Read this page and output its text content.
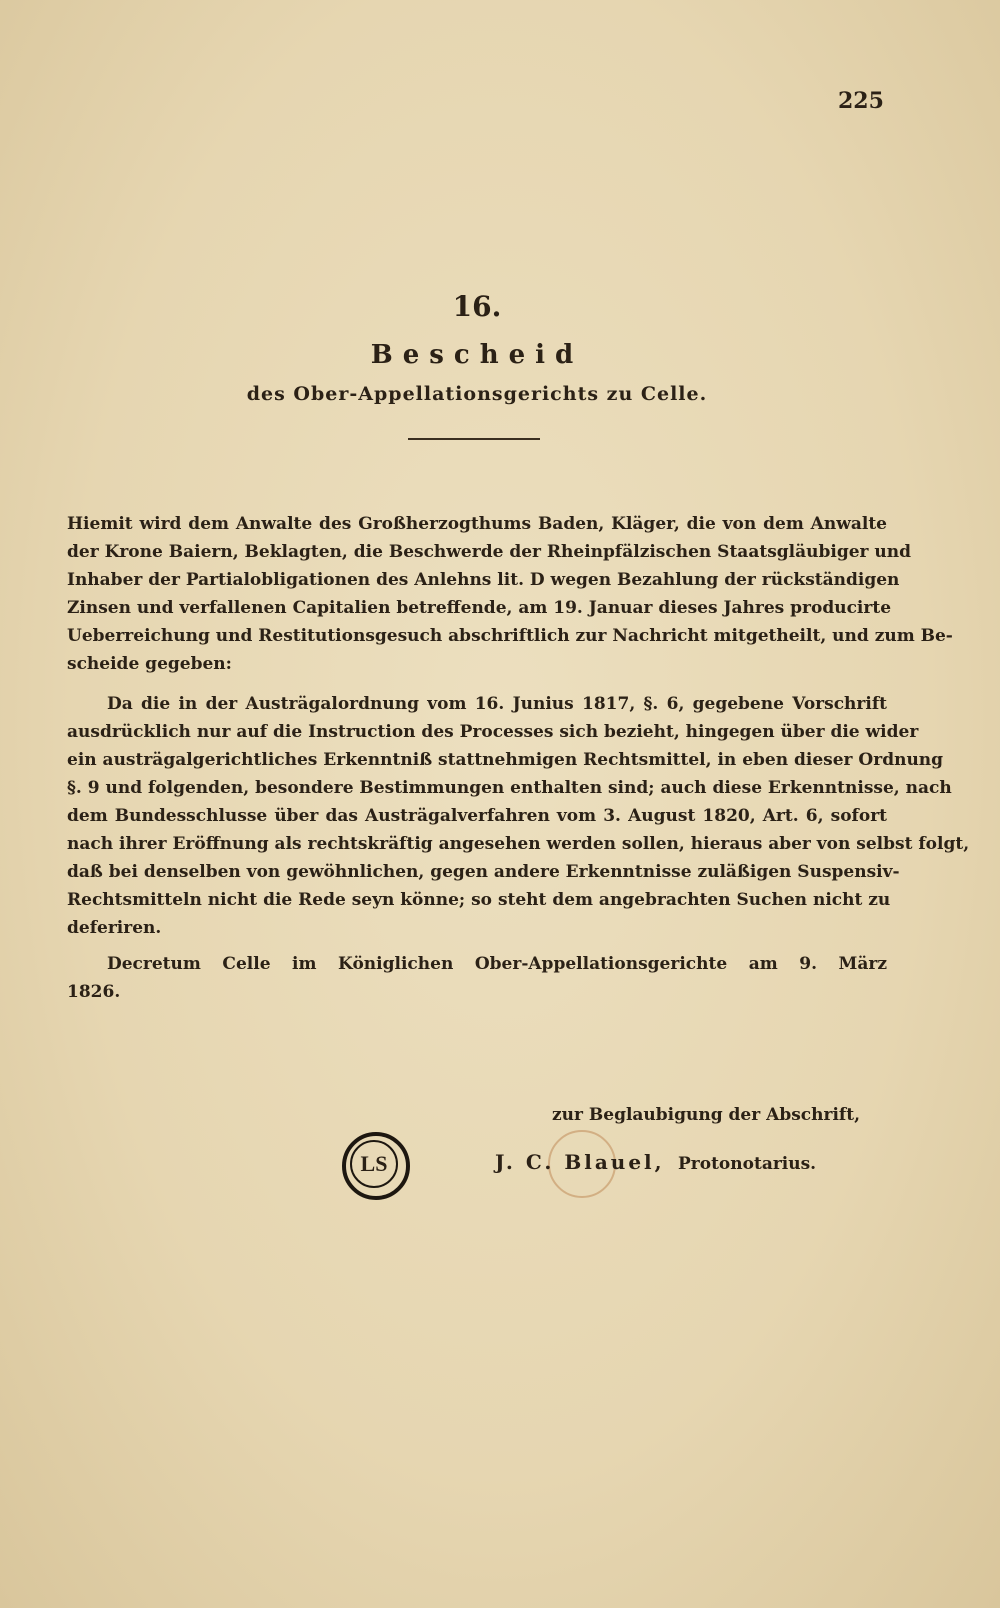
225
16.
Bescheid
des Ober-Appellationsgerichts zu Celle.
Hiemit wird dem Anwalte des Großherzogthums Baden, Kläger, die von dem Anwalte
der Krone Baiern, Beklagten, die Beschwerde der Rheinpfälzischen Staatsgläubiger und
Inhaber der Partialobligationen des Anlehns lit. D wegen Bezahlung der rückständigen
Zinsen und verfallenen Capitalien betreffende, am 19. Januar dieses Jahres producirte
Ueberreichung und Restitutionsgesuch abschriftlich zur Nachricht mitgetheilt, und zum Be-
scheide gegeben:
Da die in der Austrägalordnung vom 16. Junius 1817, §. 6, gegebene Vorschrift
ausdrücklich nur auf die Instruction des Processes sich bezieht, hingegen über die wider
ein austrägalgerichtliches Erkenntniß stattnehmigen Rechtsmittel, in eben dieser Ordnung
§. 9 und folgenden, besondere Bestimmungen enthalten sind; auch diese Erkenntnisse, nach
dem Bundesschlusse über das Austrägalverfahren vom 3. August 1820, Art. 6, sofort
nach ihrer Eröffnung als rechtskräftig angesehen werden sollen, hieraus aber von selbst folgt,
daß bei denselben von gewöhnlichen, gegen andere Erkenntnisse zuläßigen Suspensiv-
Rechtsmitteln nicht die Rede seyn könne; so steht dem angebrachten Suchen nicht zu
deferiren.
Decretum Celle im Königlichen Ober-Appellationsgerichte am 9. März
1826.
zur Beglaubigung der Abschrift,
LS	J. C. Blauel, Protonotarius.
